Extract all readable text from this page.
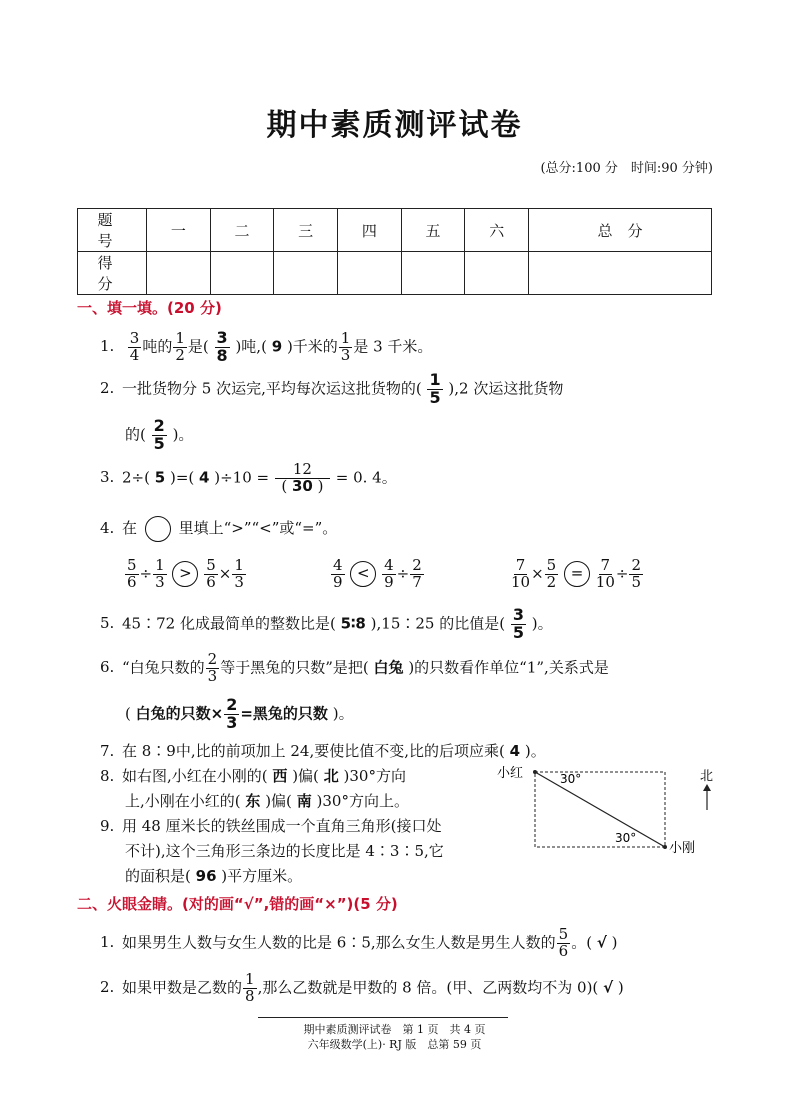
期中素质测评试卷
(总分:100 分　时间:90 分钟)
题　号	一	二	三	四	五	六	总　分
得　分							
一、填一填。(20 分)
1. $\frac{3}{4}$ 吨的 $\frac{1}{2}$ 是( $\frac{3}{8}$ )吨,( 9 )千米的 $\frac{1}{3}$ 是 3 千米。
2. 一批货物分 5 次运完,平均每次运这批货物的( $\frac{1}{5} ),2$ 次运这批货物
的( $\frac{2}{5}$ )。
3. 2÷( 5 )=( 4 )$\div 10 = \frac{12}{( 30 )} = 0$. 4。
4. 在	里填上“>”“<”或“=”。
$\frac{5}{6} \div \frac{1}{3} > \frac{5}{6} \times \frac{1}{3}$	$\frac{4}{9} < \frac{4}{9} \div \frac{2}{7}$	$\frac{7}{10} \times \frac{5}{2} = \frac{7}{10} \div \frac{2}{5}$
5. 45∶72 化成最简单的整数比是( 5∶8 ),15∶25 的比值是( $\frac{3}{5}$ )。
6. “白兔只数的 $\frac{2}{3}$ 等于黑兔的只数”是把( 白兔 )的只数看作单位“1”,关系式是
( 白兔的只数× $\frac{2}{3}$ =黑兔的只数 )。
7. 在 8∶9中,比的前项加上 24,要使比值不变,比的后项应乘( 4 )。
8. 如右图,小红在小刚的( 西 )偏( 北 )30°方向
上,小刚在小红的( 东 )偏( 南 )30°方向上。
9. 用 48 厘米长的铁丝围成一个直角三角形(接口处
不计),这个三角形三条边的长度比是 4∶3∶5,它
的面积是( 96 )平方厘米。
小红
小刚
30°
30°
北
二、火眼金睛。(对的画“√”,错的画“×”)(5 分)
1. 如果男生人数与女生人数的比是 6∶5,那么女生人数是男生人数的 $\frac{5}{6}$ 。( √ )
2. 如果甲数是乙数的 $\frac{1}{8}$ ,那么乙数就是甲数的 8 倍。(甲、乙两数均不为 0)( √ )
期中素质测评试卷　第 1 页　共 4 页
六年级数学(上)· RJ 版　总第 59 页
